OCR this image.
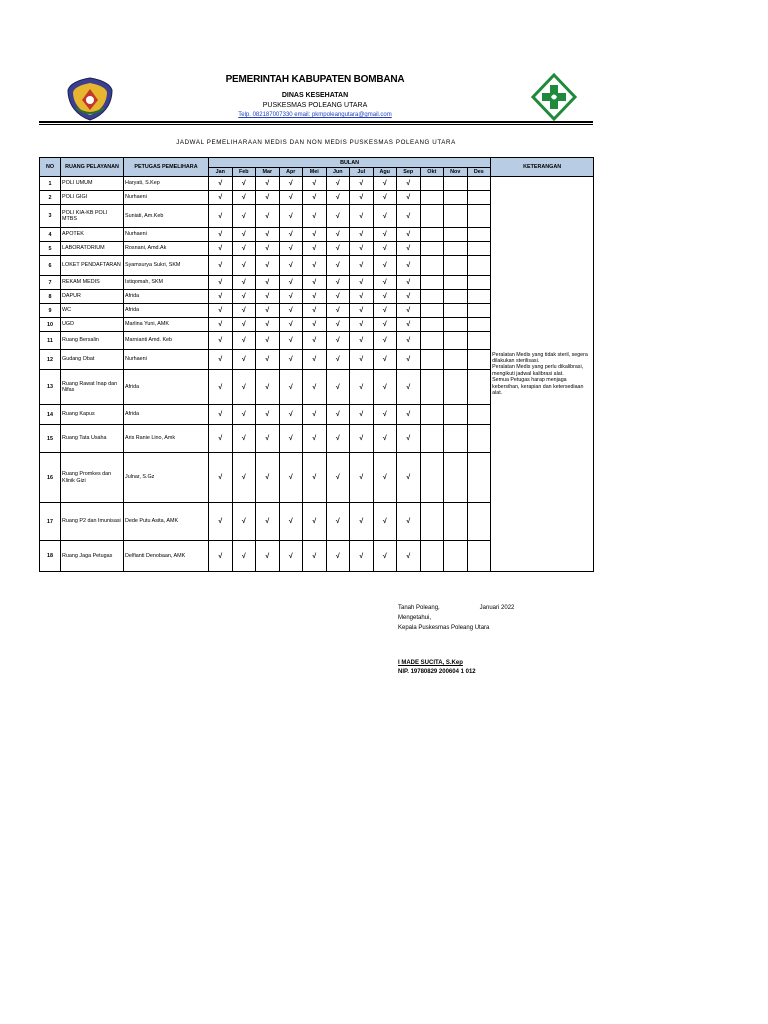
PEMERINTAH KABUPATEN BOMBANA
DINAS KESEHATAN
PUSKESMAS POLEANG UTARA
Telp. 082187007330 email: pkmpoleangutara@gmail.com
JADWAL PEMELIHARAAN MEDIS DAN NON MEDIS PUSKESMAS POLEANG UTARA
NO	RUANG PELAYANAN	PETUGAS PEMELIHARA	BULAN												KETERANGAN
			Jan	Feb	Mar	Apr	Mei	Jun	Jul	Agu	Sep	Okt	Nov	Des	
1	POLI UMUM	Haryati, S.Kep	√	√	√	√	√	√	√	√	√				Peralatan Medis yang tidak steril, segera dilakukan sterilisasi.

Peralatan Medis yang perlu dikalibrasi, mengikuti jadwal kalibrasi alat.

Semua Petugas harap menjaga kebersihan, kerapian dan ketersediaan alat.

2	POLI GIGI	Nurhaeni	√	√	√	√	√	√	√	√	√				
3	POLI KIA-KB POLI MTBS	Suniati, Am.Keb	√	√	√	√	√	√	√	√	√				
4	APOTEK	Nurhaeni	√	√	√	√	√	√	√	√	√				
5	LABORATORIUM	Rosnani, Amd.Ak	√	√	√	√	√	√	√	√	√				
6	LOKET PENDAFTARAN	Syamsurya Sukri, SKM	√	√	√	√	√	√	√	√	√				
7	REKAM MEDIS	Istiqomah, SKM	√	√	√	√	√	√	√	√	√				
8	DAPUR	Afrida	√	√	√	√	√	√	√	√	√				
9	WC	Afrida	√	√	√	√	√	√	√	√	√				
10	UGD	Marlina Yuni, AMK	√	√	√	√	√	√	√	√	√				
11	Ruang Bersalin	Marnianti Amd. Keb	√	√	√	√	√	√	√	√	√				
12	Gudang Obat	Nurhaeni	√	√	√	√	√	√	√	√	√				
13	Ruang Rawat Inap dan Nifas	Afrida	√	√	√	√	√	√	√	√	√				
14	Ruang Kapus	Afrida	√	√	√	√	√	√	√	√	√				
15	Ruang Tata Usaha	Aris Ranie Lino, Amk	√	√	√	√	√	√	√	√	√				
16	Ruang Promkes dan Klinik Gizi	Julnar, S.Gz	√	√	√	√	√	√	√	√	√				
17	Ruang P2 dan Imunisasi	Dede Putu Asita, AMK	√	√	√	√	√	√	√	√	√				
18	Ruang Jaga Petugas	Delfianti Denobaan, AMK	√	√	√	√	√	√	√	√	√				
Tanah Poleang,	Januari 2022
Mengetahui,
Kepala Puskesmas Poleang Utara
I MADE SUCITA, S.Kep
NIP. 19780829 200604 1 012
